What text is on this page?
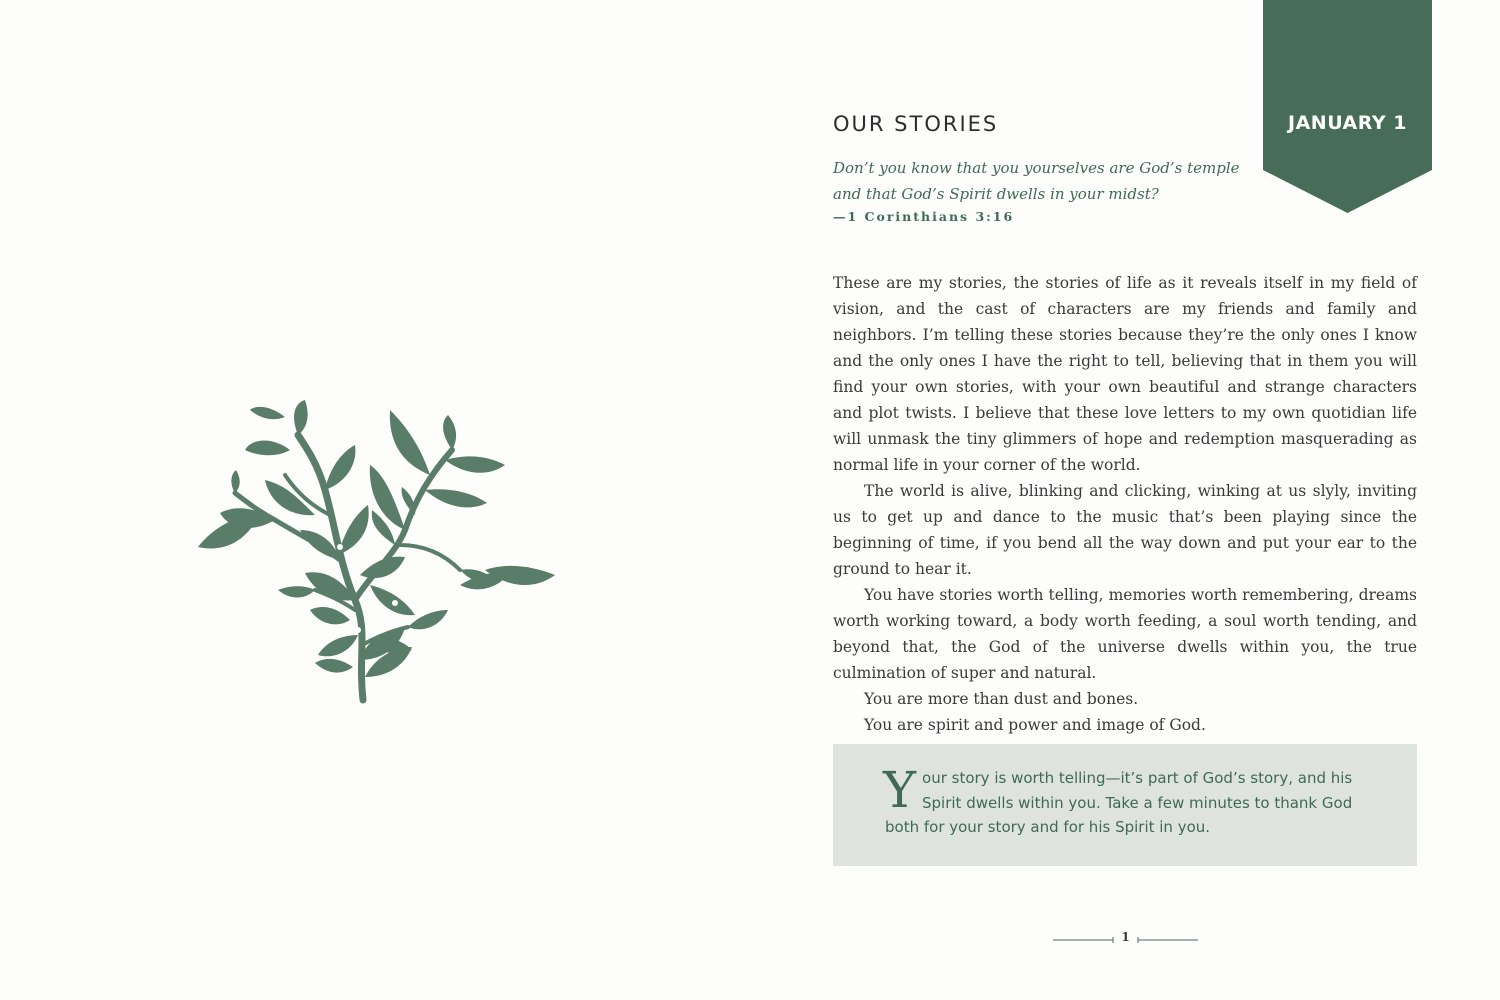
JANUARY 1
OUR STORIES
Don’t you know that you yourselves are God’s temple
and that God’s Spirit dwells in your midst?
—1 Corinthians 3:16

These are my stories, the stories of life as it reveals itself in my field of vision, and the cast of characters are my friends and family and neighbors. I’m telling these stories because they’re the only ones I know and the only ones I have the right to tell, believing that in them you will find your own stories, with your own beautiful and strange characters and plot twists. I believe that these love letters to my own quotidian life will unmask the tiny glimmers of hope and redemption masquerading as normal life in your corner of the world.

The world is alive, blinking and clicking, winking at us slyly, inviting us to get up and dance to the music that’s been playing since the beginning of time, if you bend all the way down and put your ear to the ground to hear it.

You have stories worth telling, memories worth remembering, dreams worth working toward, a body worth feeding, a soul worth tending, and beyond that, the God of the universe dwells within you, the true culmination of super and natural.

You are more than dust and bones.

You are spirit and power and image of God.

Your story is worth telling—it’s part of God’s story, and his Spirit dwells within you. Take a few minutes to thank God both for your story and for his Spirit in you.

1
